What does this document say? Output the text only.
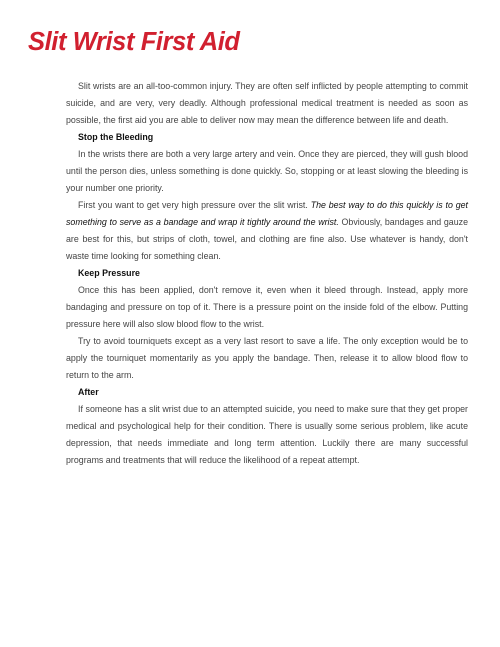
Slit Wrist First Aid

Slit wrists are an all-too-common injury. They are often self inflicted by people attempting to commit suicide, and are very, very deadly. Although professional medical treatment is needed as soon as possible, the first aid you are able to deliver now may mean the difference between life and death.

Stop the Bleeding

In the wrists there are both a very large artery and vein. Once they are pierced, they will gush blood until the person dies, unless something is done quickly. So, stopping or at least slowing the bleeding is your number one priority.

First you want to get very high pressure over the slit wrist. The best way to do this quickly is to get something to serve as a bandage and wrap it tightly around the wrist. Obviously, bandages and gauze are best for this, but strips of cloth, towel, and clothing are fine also. Use whatever is handy, don't waste time looking for something clean.

Keep Pressure

Once this has been applied, don't remove it, even when it bleed through. Instead, apply more bandaging and pressure on top of it. There is a pressure point on the inside fold of the elbow. Putting pressure here will also slow blood flow to the wrist.

Try to avoid tourniquets except as a very last resort to save a life. The only exception would be to apply the tourniquet momentarily as you apply the bandage. Then, release it to allow blood flow to return to the arm.

After

If someone has a slit wrist due to an attempted suicide, you need to make sure that they get proper medical and psychological help for their condition. There is usually some serious problem, like acute depression, that needs immediate and long term attention. Luckily there are many successful programs and treatments that will reduce the likelihood of a repeat attempt.
